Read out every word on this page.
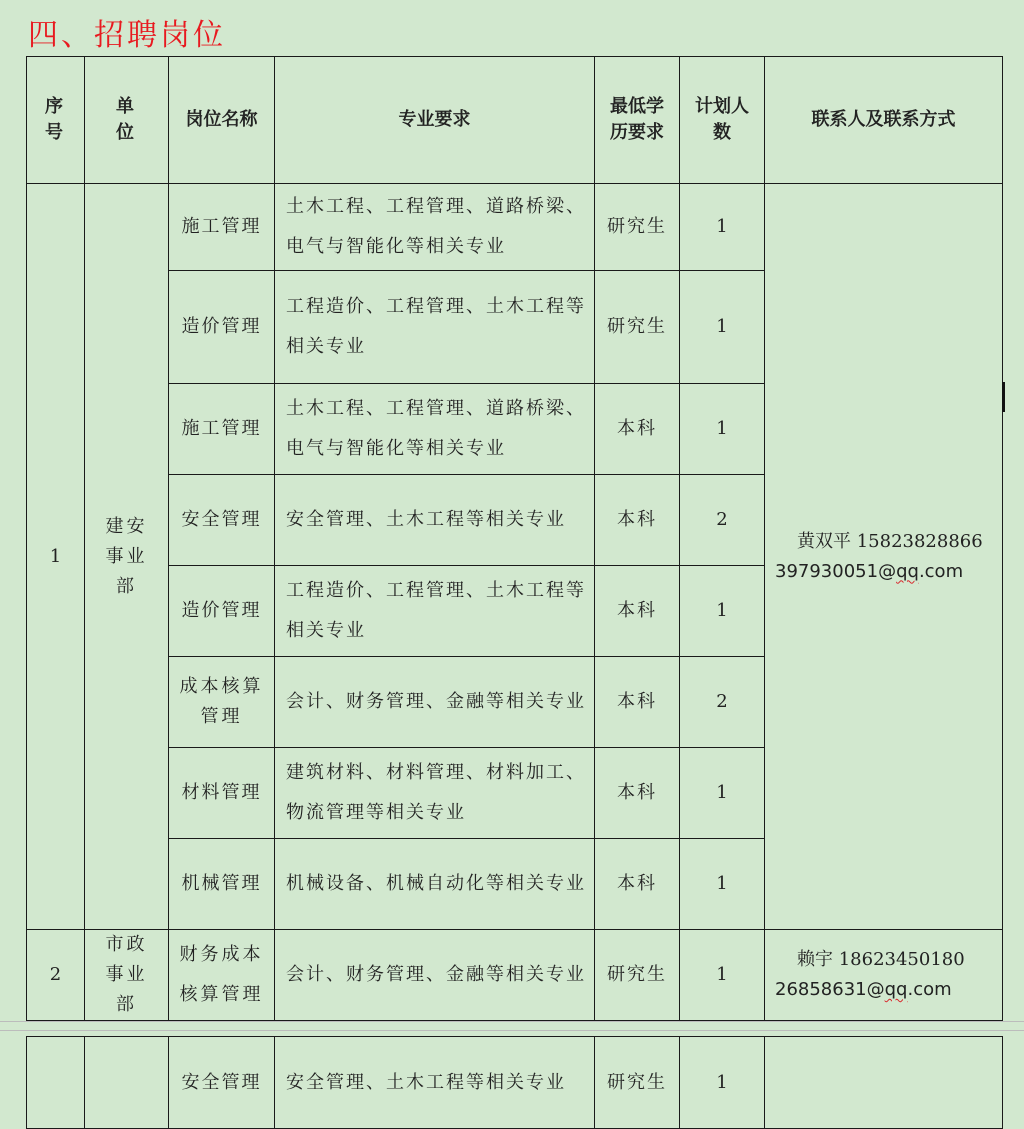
四、招聘岗位
序号	单位	岗位名称	专业要求	最低学历要求	计划人数	联系人及联系方式
1	建安事业部	施工管理	土木工程、工程管理、道路桥梁、电气与智能化等相关专业	研究生	1	黄双平 15823828866
397930051@qq.com

		造价管理	工程造价、工程管理、土木工程等相关专业	研究生	1	
		施工管理	土木工程、工程管理、道路桥梁、电气与智能化等相关专业	本科	1	
		安全管理	安全管理、土木工程等相关专业	本科	2	
		造价管理	工程造价、工程管理、土木工程等相关专业	本科	1	
		成本核算管理	会计、财务管理、金融等相关专业	本科	2	
		材料管理	建筑材料、材料管理、材料加工、物流管理等相关专业	本科	1	
		机械管理	机械设备、机械自动化等相关专业	本科	1	
2	市政事业部	财务成本核算管理	会计、财务管理、金融等相关专业	研究生	1	赖宇 18623450180
26858631@qq.com
		安全管理	安全管理、土木工程等相关专业	研究生	1	
